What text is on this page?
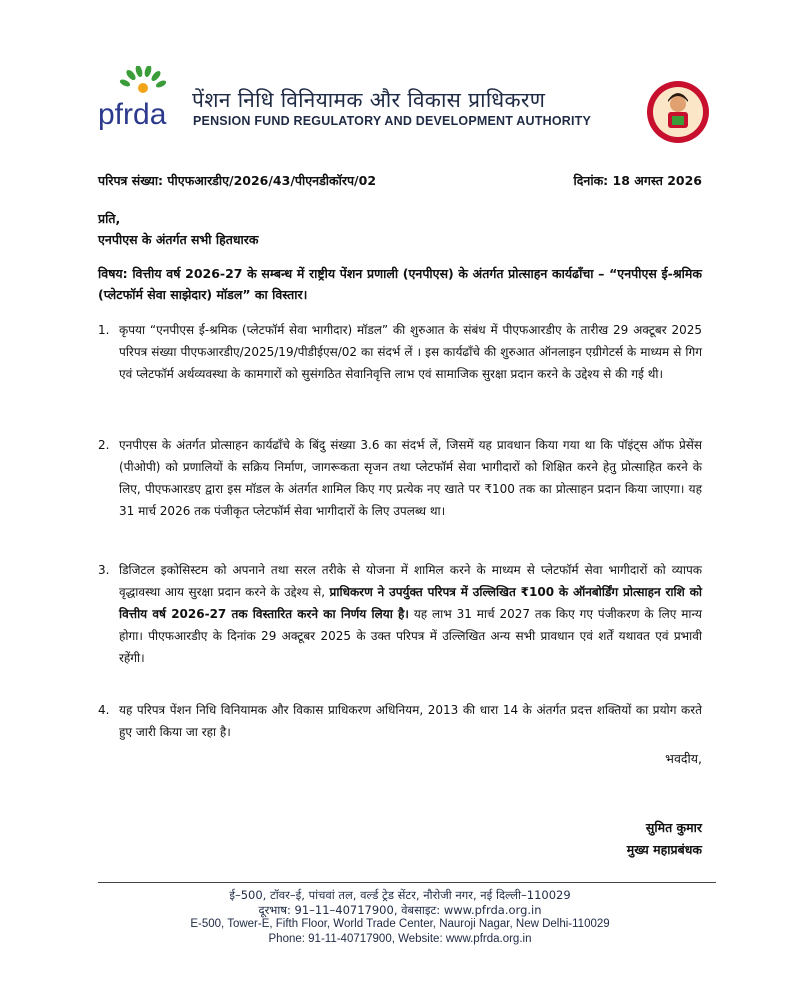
pfrda पेंशन निधि विनियामक और विकास प्राधिकरण
PENSION FUND REGULATORY AND DEVELOPMENT AUTHORITY
परिपत्र संख्या: पीएफआरडीए/2026/43/पीएनडीकॉरप/02	दिनांक: 18 अगस्त 2026
प्रति,
एनपीएस के अंतर्गत सभी हितधारक
विषय: वित्तीय वर्ष 2026-27 के सम्बन्ध में राष्ट्रीय पेंशन प्रणाली (एनपीएस) के अंतर्गत प्रोत्साहन कार्यढाँचा – “एनपीएस ई-श्रमिक (प्लेटफॉर्म सेवा साझेदार) मॉडल” का विस्तार।
1. कृपया “एनपीएस ई-श्रमिक (प्लेटफॉर्म सेवा भागीदार) मॉडल” की शुरुआत के संबंध में पीएफआरडीए के तारीख 29 अक्टूबर 2025 परिपत्र संख्या पीएफआरडीए/2025/19/पीडीईएस/02 का संदर्भ लें । इस कार्यढाँचे की शुरुआत ऑनलाइन एग्रीगेटर्स के माध्यम से गिग एवं प्लेटफॉर्म अर्थव्यवस्था के कामगारों को सुसंगठित सेवानिवृत्ति लाभ एवं सामाजिक सुरक्षा प्रदान करने के उद्देश्य से की गई थी।
2. एनपीएस के अंतर्गत प्रोत्साहन कार्यढाँचे के बिंदु संख्या 3.6 का संदर्भ लें, जिसमें यह प्रावधान किया गया था कि पॉइंट्स ऑफ प्रेसेंस (पीओपी) को प्रणालियों के सक्रिय निर्माण, जागरूकता सृजन तथा प्लेटफॉर्म सेवा भागीदारों को शिक्षित करने हेतु प्रोत्साहित करने के लिए, पीएफआरडए द्वारा इस मॉडल के अंतर्गत शामिल किए गए प्रत्येक नए खाते पर ₹100 तक का प्रोत्साहन प्रदान किया जाएगा। यह 31 मार्च 2026 तक पंजीकृत प्लेटफॉर्म सेवा भागीदारों के लिए उपलब्ध था।
3. डिजिटल इकोसिस्टम को अपनाने तथा सरल तरीके से योजना में शामिल करने के माध्यम से प्लेटफॉर्म सेवा भागीदारों को व्यापक वृद्धावस्था आय सुरक्षा प्रदान करने के उद्देश्य से, प्राधिकरण ने उपर्युक्त परिपत्र में उल्लिखित ₹100 के ऑनबोर्डिंग प्रोत्साहन राशि को वित्तीय वर्ष 2026-27 तक विस्तारित करने का निर्णय लिया है। यह लाभ 31 मार्च 2027 तक किए गए पंजीकरण के लिए मान्य होगा। पीएफआरडीए के दिनांक 29 अक्टूबर 2025 के उक्त परिपत्र में उल्लिखित अन्य सभी प्रावधान एवं शर्तें यथावत एवं प्रभावी रहेंगी।
4. यह परिपत्र पेंशन निधि विनियामक और विकास प्राधिकरण अधिनियम, 2013 की धारा 14 के अंतर्गत प्रदत्त शक्तियों का प्रयोग करते हुए जारी किया जा रहा है।
भवदीय,
सुमित कुमार
मुख्य महाप्रबंधक
ई–500, टॉवर–ई, पांचवां तल, वर्ल्ड ट्रेड सेंटर, नौरोजी नगर, नई दिल्ली–110029
दूरभाष: 91–11–40717900, वेबसाइट: www.pfrda.org.in
E-500, Tower-E, Fifth Floor, World Trade Center, Nauroji Nagar, New Delhi-110029
Phone: 91-11-40717900, Website: www.pfrda.org.in
